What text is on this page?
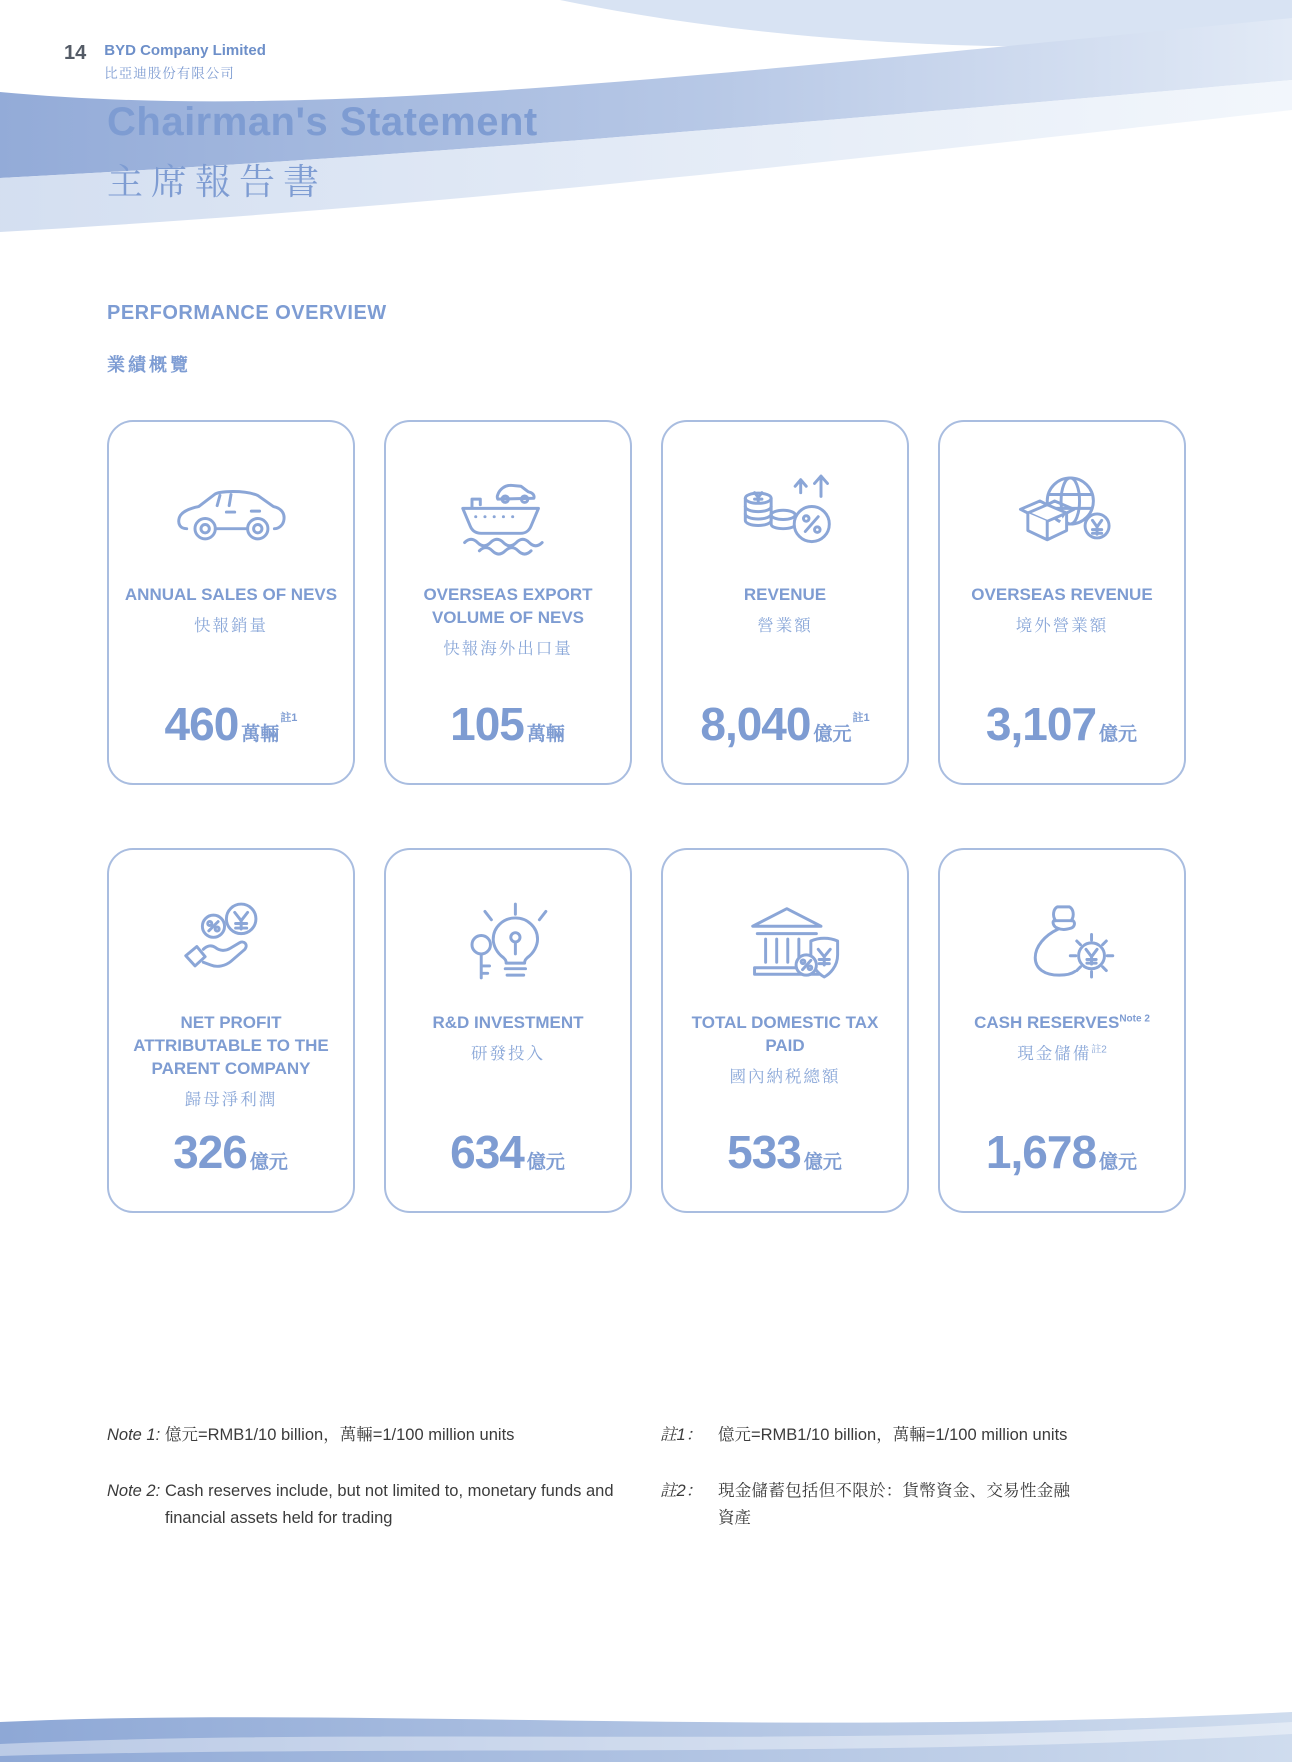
14 BYD Company Limited
比亞迪股份有限公司
Chairman's Statement
主席報告書
PERFORMANCE OVERVIEW
業績概覽
ANNUAL SALES OF NEVS
快報銷量
460 萬輛
$^{註1}$
OVERSEAS EXPORT VOLUME OF NEVS
快報海外出口量
105 萬輛
REVENUE
營業額
8,040 億元
$^{註1}$
OVERSEAS REVENUE
境外營業額
3,107 億元
NET PROFIT ATTRIBUTABLE TO THE PARENT COMPANY
歸母淨利潤
326 億元
R&D INVESTMENT
研發投入
634 億元
TOTAL DOMESTIC TAX PAID
國內納税總額
533 億元
CASH $RESERVES^{Note 2}$
現金儲備$^{註2}$
1,678 億元
Note 1: 億元=RMB1/10 billion，萬輛=1/100 million units	註1： 億元=RMB1/10 billion，萬輛=1/100 million units
Note 2: Cash reserves include, but not limited to, monetary funds and financial assets held for trading
註2： 現金儲蓄包括但不限於：貨幣資金、交易性金融資產
